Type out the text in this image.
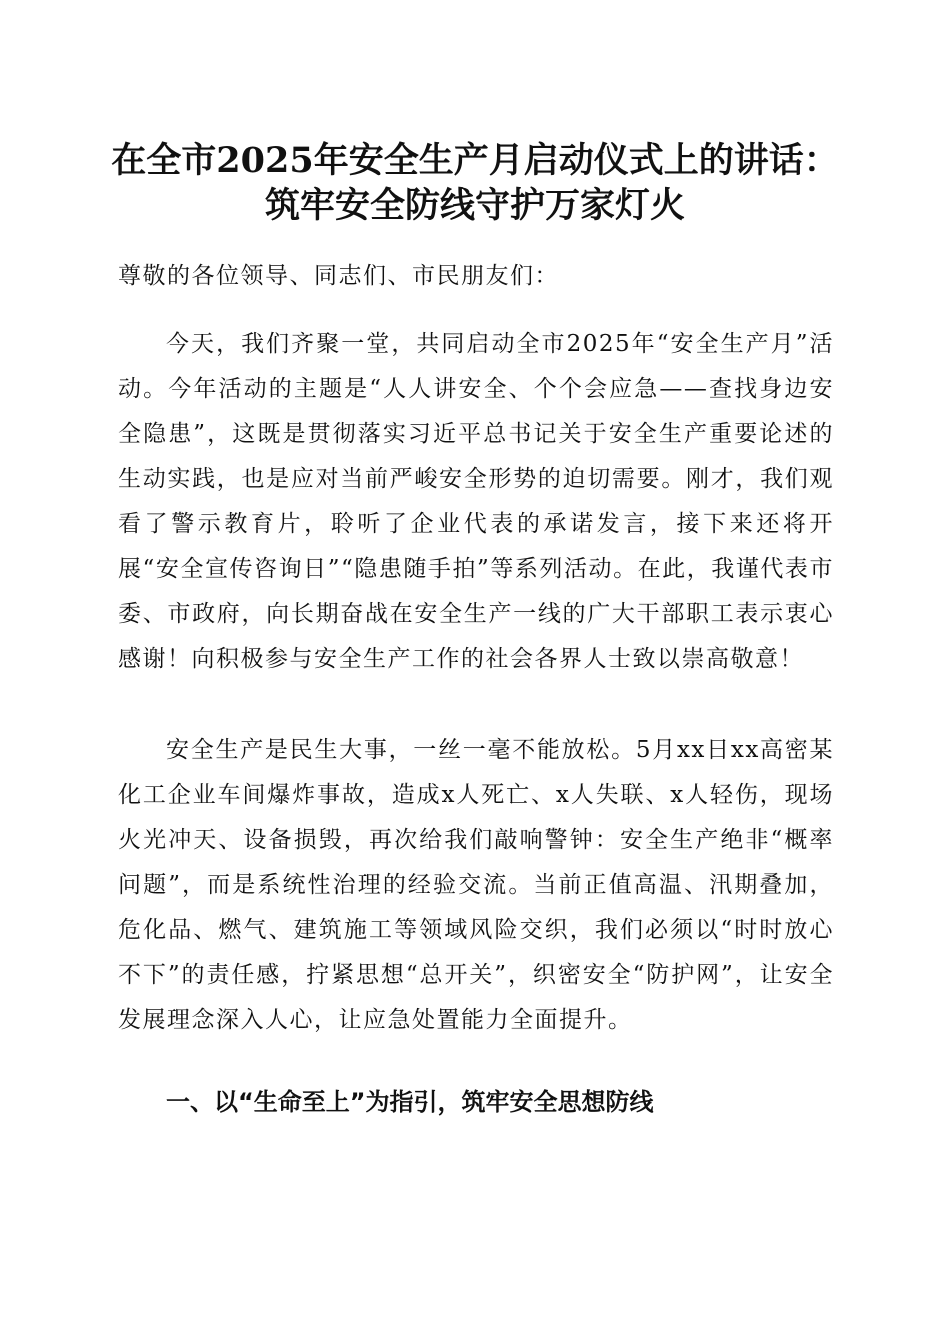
在全市2025年安全生产月启动仪式上的讲话：
筑牢安全防线守护万家灯火

尊敬的各位领导、同志们、市民朋友们：

今天，我们齐聚一堂，共同启动全市2025年“安全生产月”活动。今年活动的主题是“人人讲安全、个个会应急——查找身边安全隐患”，这既是贯彻落实习近平总书记关于安全生产重要论述的生动实践，也是应对当前严峻安全形势的迫切需要。刚才，我们观看了警示教育片，聆听了企业代表的承诺发言，接下来还将开展“安全宣传咨询日”“隐患随手拍”等系列活动。在此，我谨代表市委、市政府，向长期奋战在安全生产一线的广大干部职工表示衷心感谢！向积极参与安全生产工作的社会各界人士致以崇高敬意！

安全生产是民生大事，一丝一毫不能放松。5月xx日xx高密某化工企业车间爆炸事故，造成x人死亡、x人失联、x人轻伤，现场火光冲天、设备损毁，再次给我们敲响警钟：安全生产绝非“概率问题”，而是系统性治理的经验交流。当前正值高温、汛期叠加，危化品、燃气、建筑施工等领域风险交织，我们必须以“时时放心不下”的责任感，拧紧思想“总开关”，织密安全“防护网”，让安全发展理念深入人心，让应急处置能力全面提升。

一、以“生命至上”为指引，筑牢安全思想防线
